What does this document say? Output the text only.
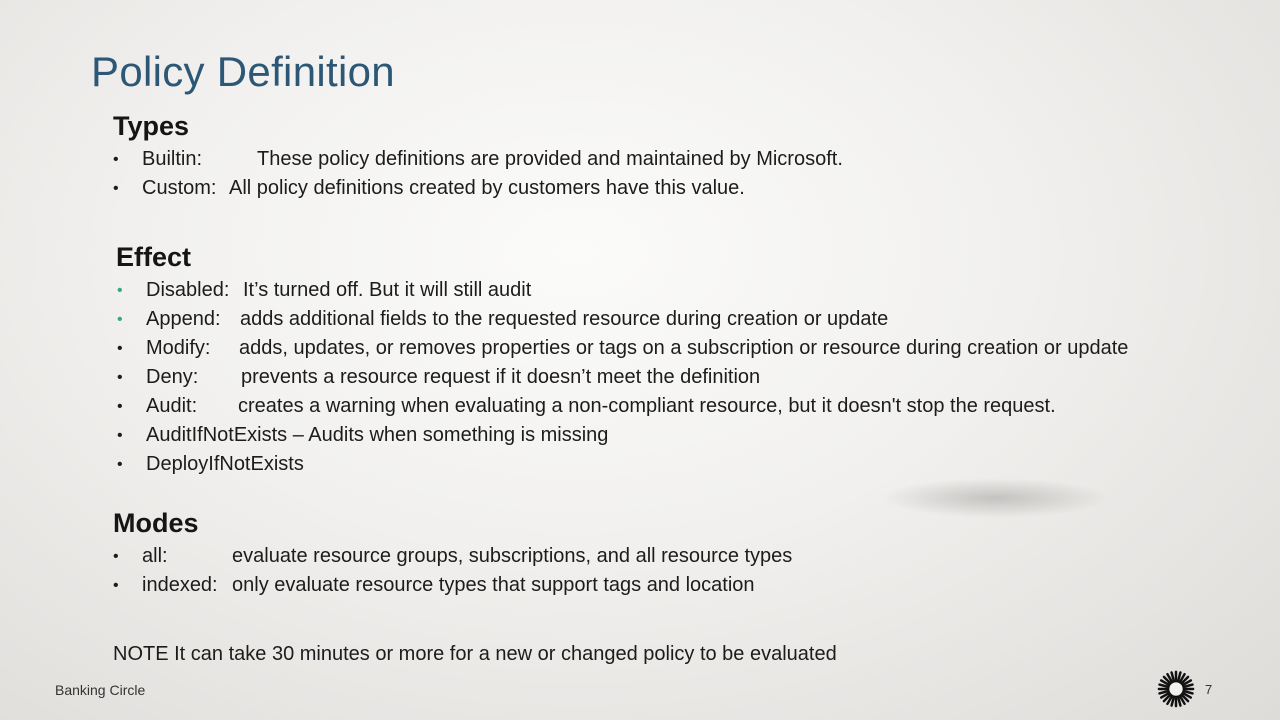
Policy Definition
Types
• Builtin:	These policy definitions are provided and maintained by Microsoft.
• Custom: All policy definitions created by customers have this value.
Effect
• Disabled: It’s turned off. But it will still audit
• Append: adds additional fields to the requested resource during creation or update
• Modify: adds, updates, or removes properties or tags on a subscription or resource during creation or update
• Deny: prevents a resource request if it doesn’t meet the definition
• Audit: creates a warning when evaluating a non-compliant resource, but it doesn't stop the request.
• AuditIfNotExists – Audits when something is missing
• DeployIfNotExists
Modes
• all:	evaluate resource groups, subscriptions, and all resource types
• indexed: only evaluate resource types that support tags and location
NOTE It can take 30 minutes or more for a new or changed policy to be evaluated
Banking Circle	7
